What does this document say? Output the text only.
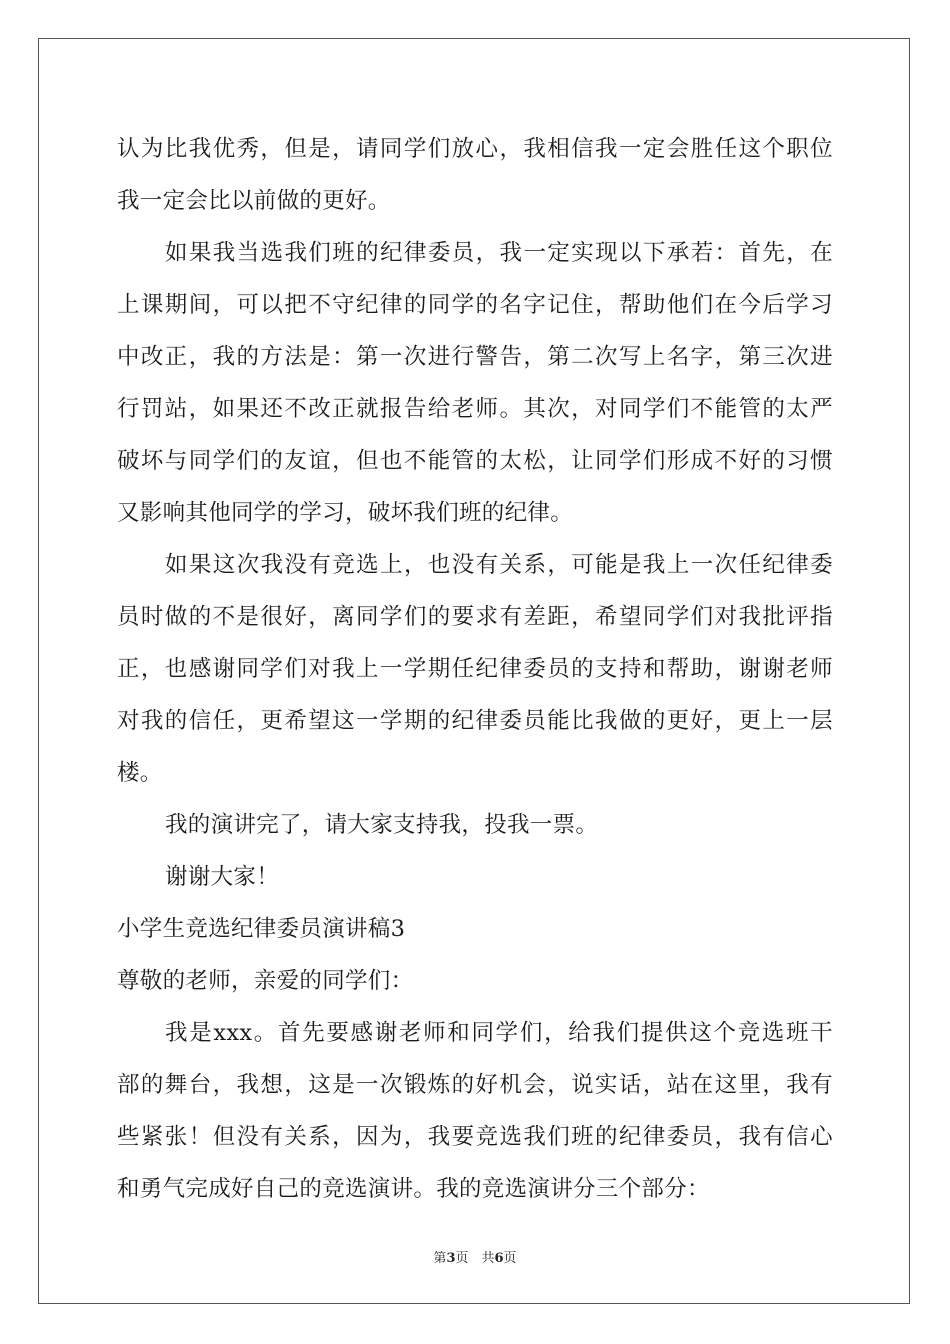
认为比我优秀，但是，请同学们放心，我相信我一定会胜任这个职位
我一定会比以前做的更好。
如果我当选我们班的纪律委员，我一定实现以下承若：首先，在
上课期间，可以把不守纪律的同学的名字记住，帮助他们在今后学习
中改正，我的方法是：第一次进行警告，第二次写上名字，第三次进
行罚站，如果还不改正就报告给老师。其次，对同学们不能管的太严
破坏与同学们的友谊，但也不能管的太松，让同学们形成不好的习惯
又影响其他同学的学习，破坏我们班的纪律。
如果这次我没有竞选上，也没有关系，可能是我上一次任纪律委
员时做的不是很好，离同学们的要求有差距，希望同学们对我批评指
正，也感谢同学们对我上一学期任纪律委员的支持和帮助，谢谢老师
对我的信任，更希望这一学期的纪律委员能比我做的更好，更上一层
楼。
我的演讲完了，请大家支持我，投我一票。
谢谢大家！
小学生竞选纪律委员演讲稿3
尊敬的老师，亲爱的同学们：
我是xxx。首先要感谢老师和同学们，给我们提供这个竞选班干
部的舞台，我想，这是一次锻炼的好机会，说实话，站在这里，我有
些紧张！但没有关系，因为，我要竞选我们班的纪律委员，我有信心
和勇气完成好自己的竞选演讲。我的竞选演讲分三个部分：
第3页　共6页
